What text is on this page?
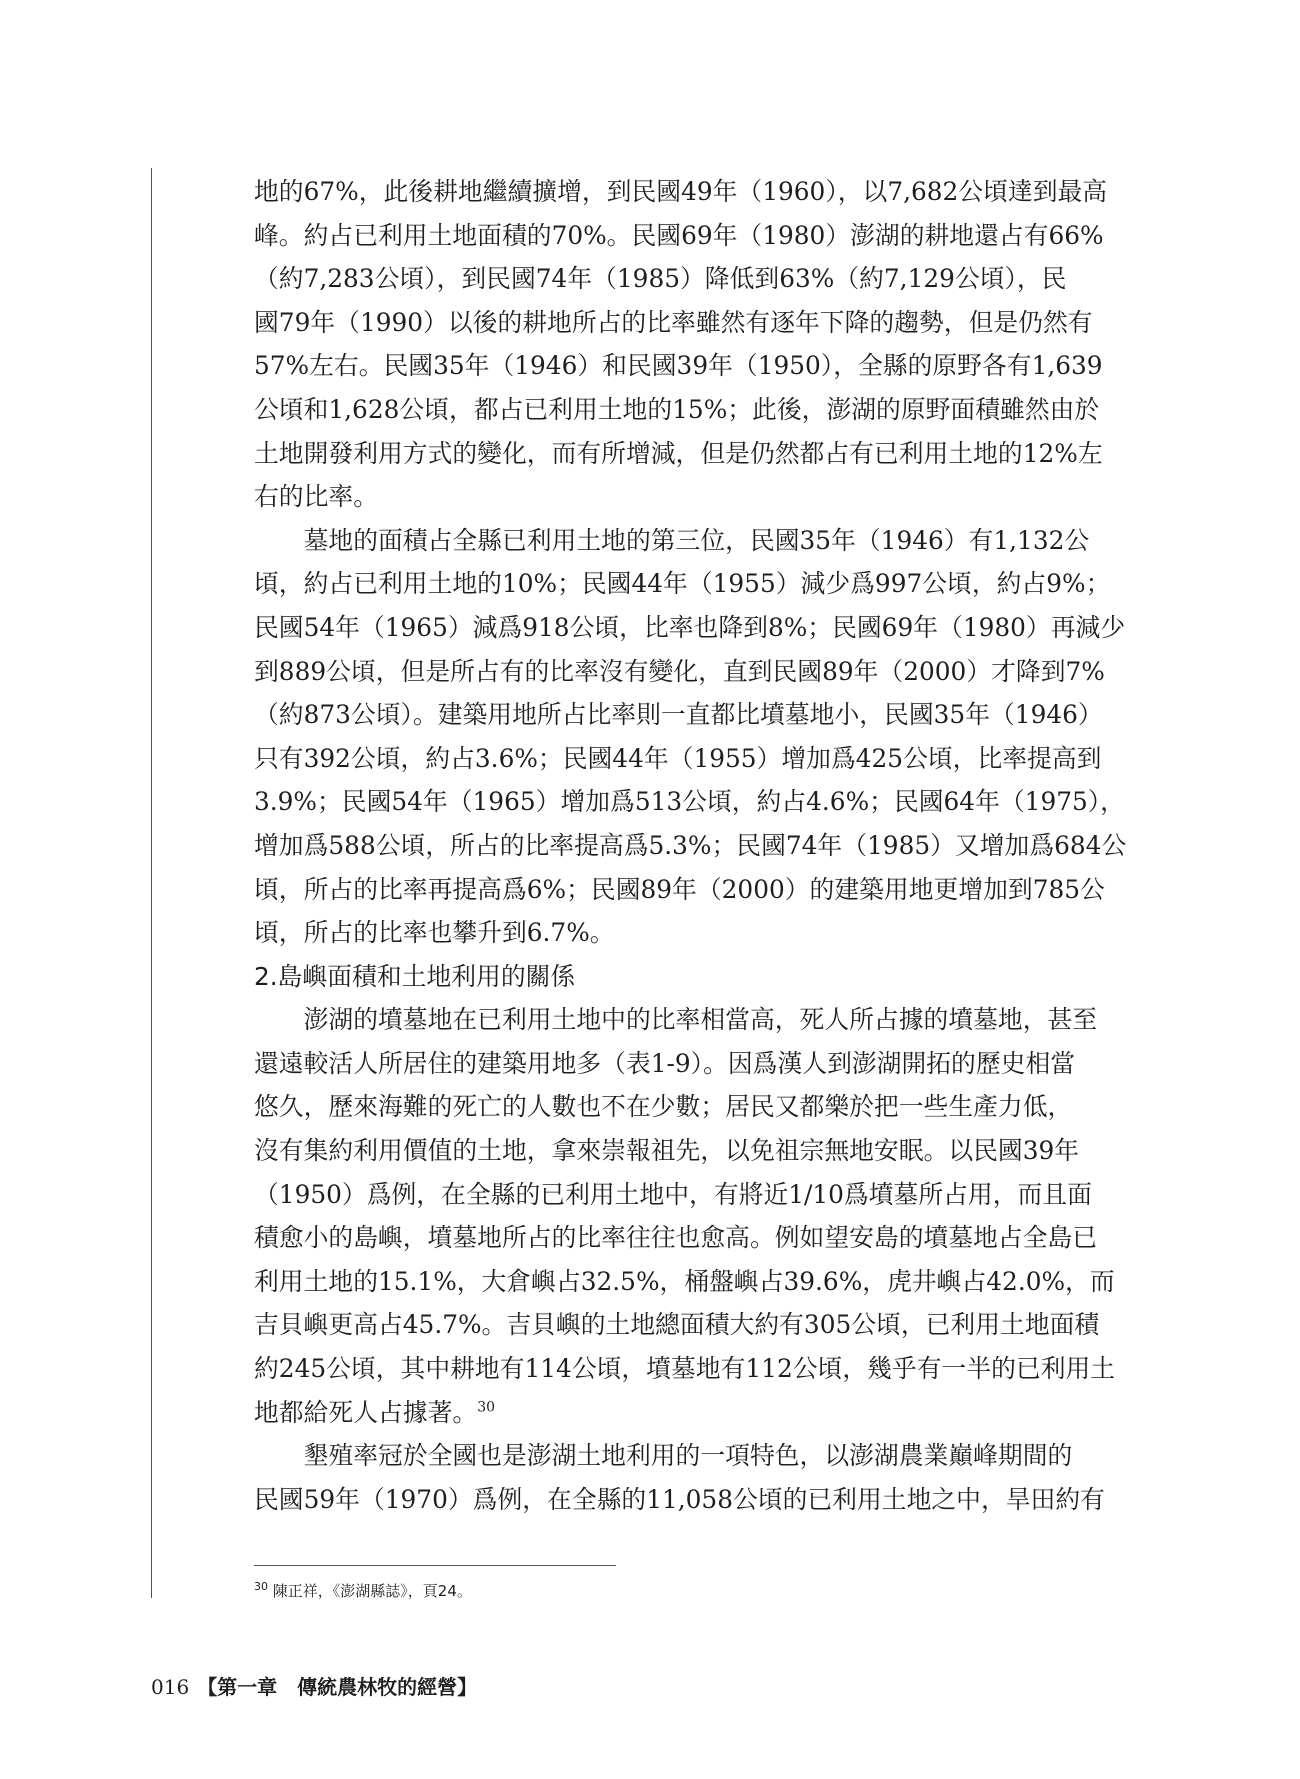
地的67%，此後耕地繼續擴增，到民國49年（1960），以7,682公頃達到最高
峰。約占已利用土地面積的70%。民國69年（1980）澎湖的耕地還占有66%
（約7,283公頃），到民國74年（1985）降低到63%（約7,129公頃），民
國79年（1990）以後的耕地所占的比率雖然有逐年下降的趨勢，但是仍然有
57%左右。民國35年（1946）和民國39年（1950），全縣的原野各有1,639
公頃和1,628公頃，都占已利用土地的15%；此後，澎湖的原野面積雖然由於
土地開發利用方式的變化，而有所增減，但是仍然都占有已利用土地的12%左
右的比率。
　　墓地的面積占全縣已利用土地的第三位，民國35年（1946）有1,132公
頃，約占已利用土地的10%；民國44年（1955）減少爲997公頃，約占9%；
民國54年（1965）減爲918公頃，比率也降到8%；民國69年（1980）再減少
到889公頃，但是所占有的比率沒有變化，直到民國89年（2000）才降到7%
（約873公頃）。建築用地所占比率則一直都比墳墓地小，民國35年（1946）
只有392公頃，約占3.6%；民國44年（1955）增加爲425公頃，比率提高到
3.9%；民國54年（1965）增加爲513公頃，約占4.6%；民國64年（1975），
增加爲588公頃，所占的比率提高爲5.3%；民國74年（1985）又增加爲684公
頃，所占的比率再提高爲6%；民國89年（2000）的建築用地更增加到785公
頃，所占的比率也攀升到6.7%。
2.島嶼面積和土地利用的關係
　　澎湖的墳墓地在已利用土地中的比率相當高，死人所占據的墳墓地，甚至
還遠較活人所居住的建築用地多（表1-9）。因爲漢人到澎湖開拓的歷史相當
悠久，歷來海難的死亡的人數也不在少數；居民又都樂於把一些生產力低，
沒有集約利用價值的土地，拿來崇報祖先，以免祖宗無地安眠。以民國39年
（1950）爲例，在全縣的已利用土地中，有將近1/10爲墳墓所占用，而且面
積愈小的島嶼，墳墓地所占的比率往往也愈高。例如望安島的墳墓地占全島已
利用土地的15.1%，大倉嶼占32.5%，桶盤嶼占39.6%，虎井嶼占42.0%，而
吉貝嶼更高占45.7%。吉貝嶼的土地總面積大約有305公頃，已利用土地面積
約245公頃，其中耕地有114公頃，墳墓地有112公頃，幾乎有一半的已利用土
地都給死人占據著。$^{30}$
　　墾殖率冠於全國也是澎湖土地利用的一項特色，以澎湖農業巔峰期間的
民國59年（1970）爲例，在全縣的11,058公頃的已利用土地之中，旱田約有
$^{30}$ 陳正祥，《澎湖縣誌》，頁24。
016 【第一章　傳統農林牧的經營】
